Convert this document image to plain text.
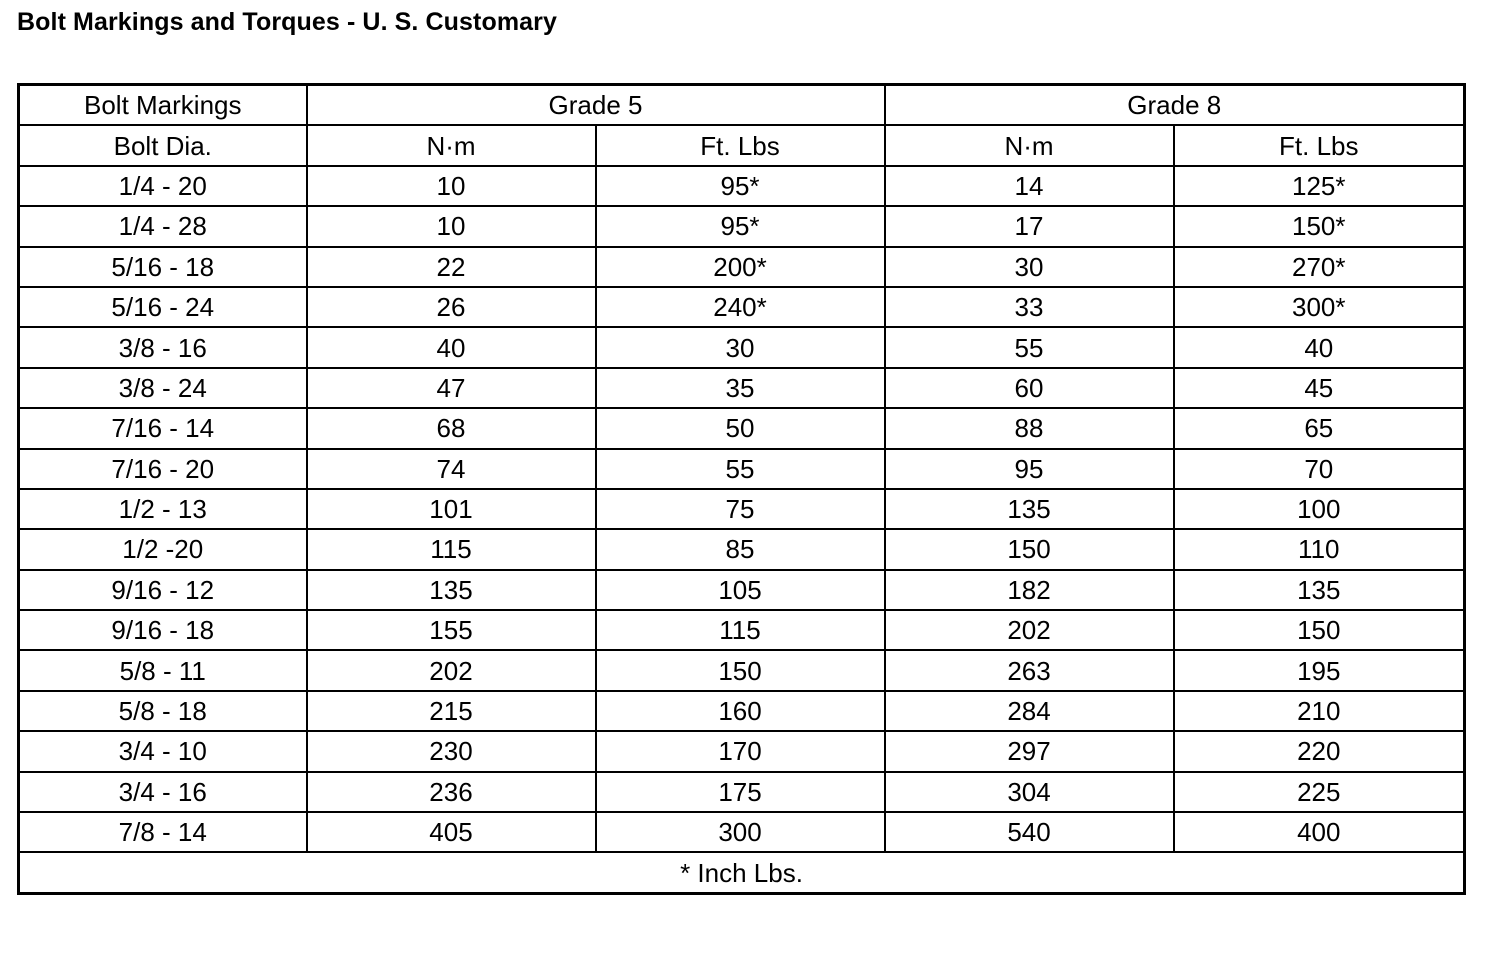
Bolt Markings and Torques - U. S. Customary
Bolt Markings	Grade 5		Grade 8	
Bolt Dia.	N·m	Ft. Lbs	N·m	Ft. Lbs
1/4 - 20	10	95*	14	125*
1/4 - 28	10	95*	17	150*
5/16 - 18	22	200*	30	270*
5/16 - 24	26	240*	33	300*
3/8 - 16	40	30	55	40
3/8 - 24	47	35	60	45
7/16 - 14	68	50	88	65
7/16 - 20	74	55	95	70
1/2 - 13	101	75	135	100
1/2 -20	115	85	150	110
9/16 - 12	135	105	182	135
9/16 - 18	155	115	202	150
5/8 - 11	202	150	263	195
5/8 - 18	215	160	284	210
3/4 - 10	230	170	297	220
3/4 - 16	236	175	304	225
7/8 - 14	405	300	540	400
* Inch Lbs.				
